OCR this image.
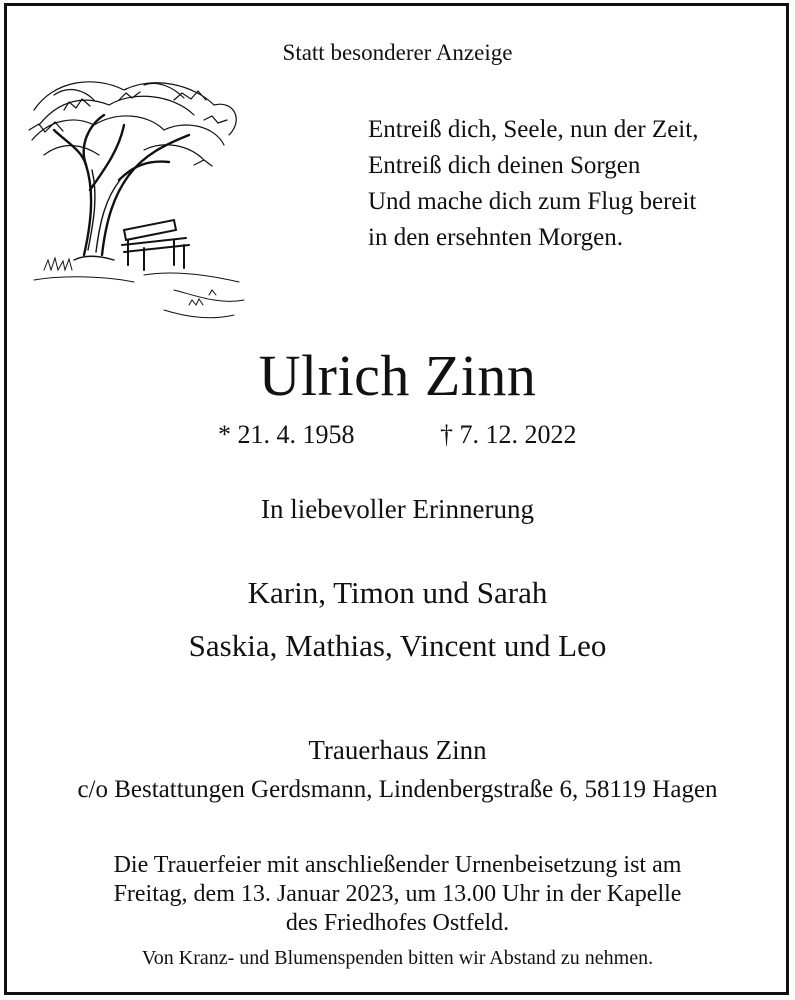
Statt besonderer Anzeige
Entreiß dich, Seele, nun der Zeit,
Entreiß dich deinen Sorgen
Und mache dich zum Flug bereit
in den ersehnten Morgen.
Ulrich Zinn
* 21. 4. 1958	† 7. 12. 2022
In liebevoller Erinnerung
Karin, Timon und Sarah
Saskia, Mathias, Vincent und Leo
Trauerhaus Zinn
c/o Bestattungen Gerdsmann, Lindenbergstraße 6, 58119 Hagen
Die Trauerfeier mit anschließender Urnenbeisetzung ist am
Freitag, dem 13. Januar 2023, um 13.00 Uhr in der Kapelle
des Friedhofes Ostfeld.
Von Kranz- und Blumenspenden bitten wir Abstand zu nehmen.
